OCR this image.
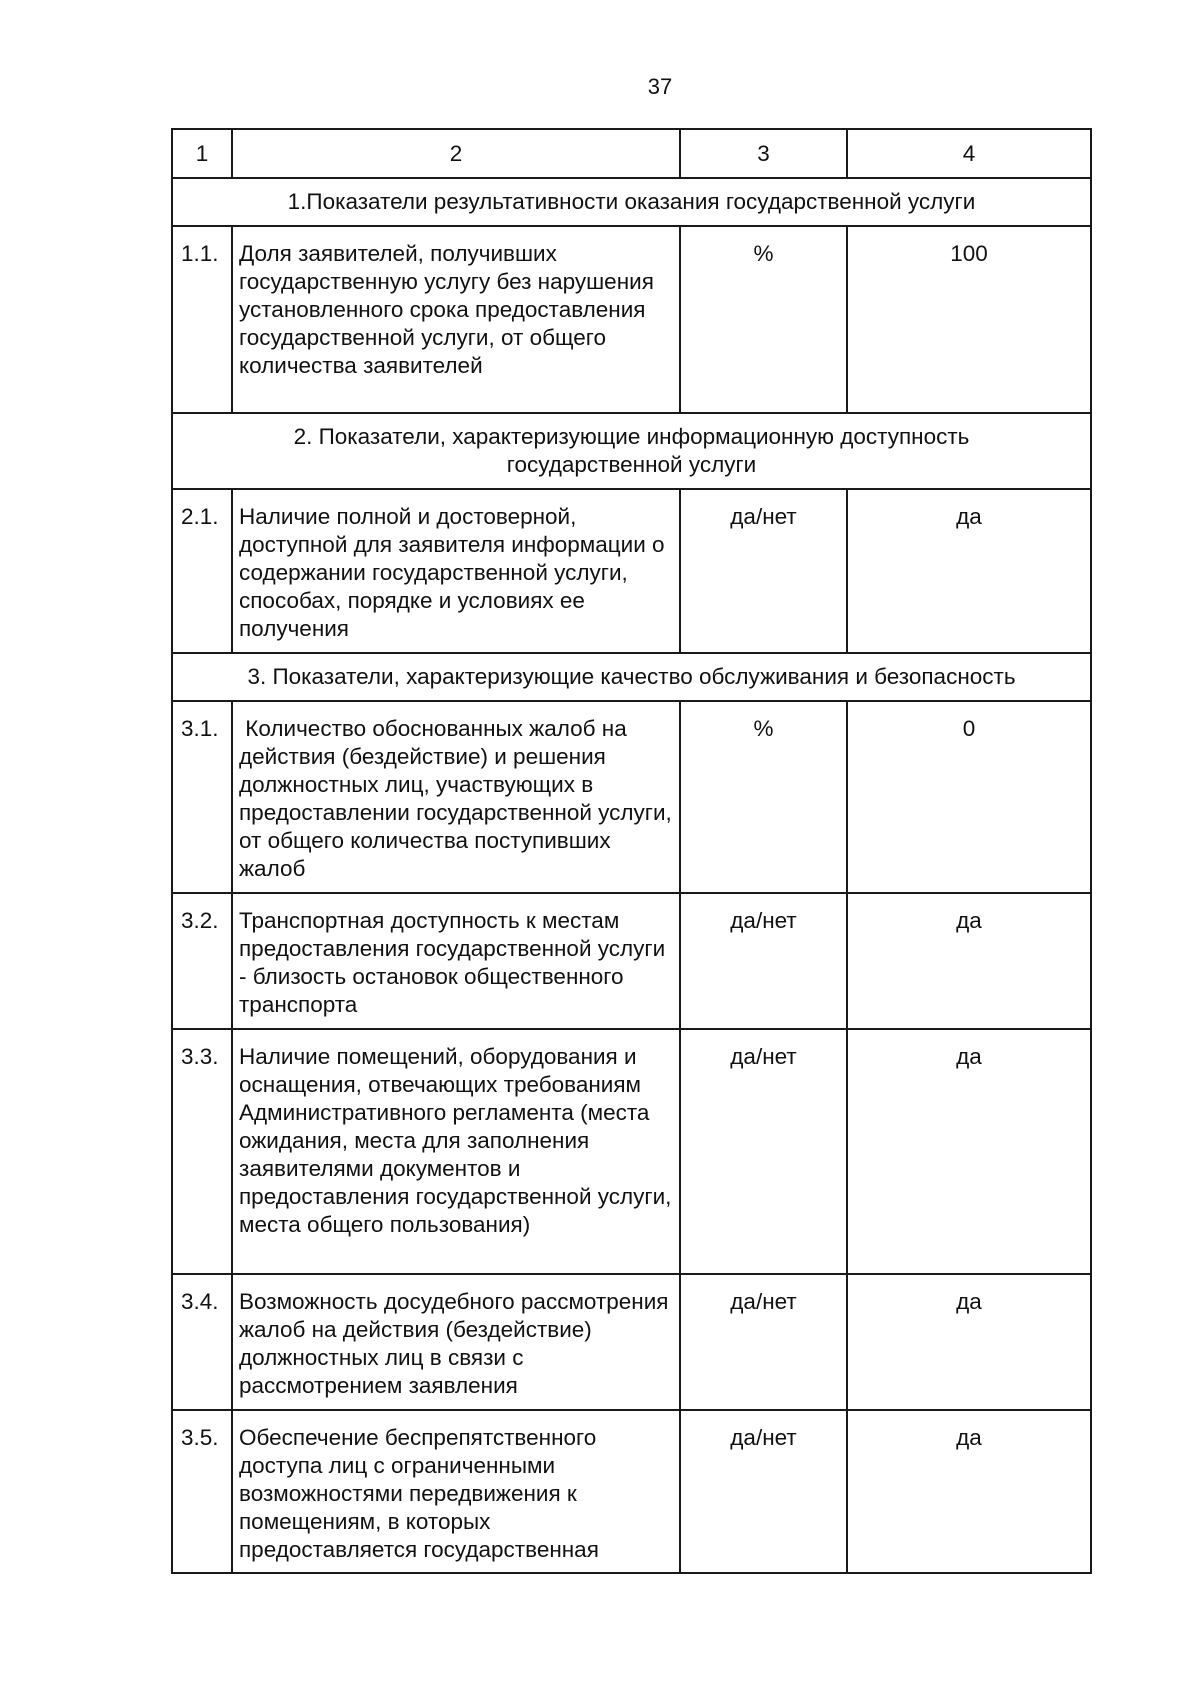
37
1	2	3	4
1.Показатели результативности оказания государственной услуги			
1.1.	Доля заявителей, получивших государственную услугу без нарушения установленного срока предоставления государственной услуги, от общего количества заявителей	%	100
2. Показатели, характеризующие информационную доступность государственной услуги			
2.1.	Наличие полной и достоверной, доступной для заявителя информации о содержании государственной услуги, способах, порядке и условиях ее получения	да/нет	да
3. Показатели, характеризующие качество обслуживания и безопасность			
3.1.	Количество обоснованных жалоб на действия (бездействие) и решения должностных лиц, участвующих в предоставлении государственной услуги, от общего количества поступивших жалоб	%	0
3.2.	Транспортная доступность к местам предоставления государственной услуги - близость остановок общественного транспорта	да/нет	да
3.3.	Наличие помещений, оборудования и оснащения, отвечающих требованиям Административного регламента (места ожидания, места для заполнения заявителями документов и предоставления государственной услуги, места общего пользования)	да/нет	да
3.4.	Возможность досудебного рассмотрения жалоб на действия (бездействие) должностных лиц в связи с рассмотрением заявления	да/нет	да
3.5.	Обеспечение беспрепятственного доступа лиц с ограниченными возможностями передвижения к помещениям, в которых предоставляется государственная	да/нет	да
